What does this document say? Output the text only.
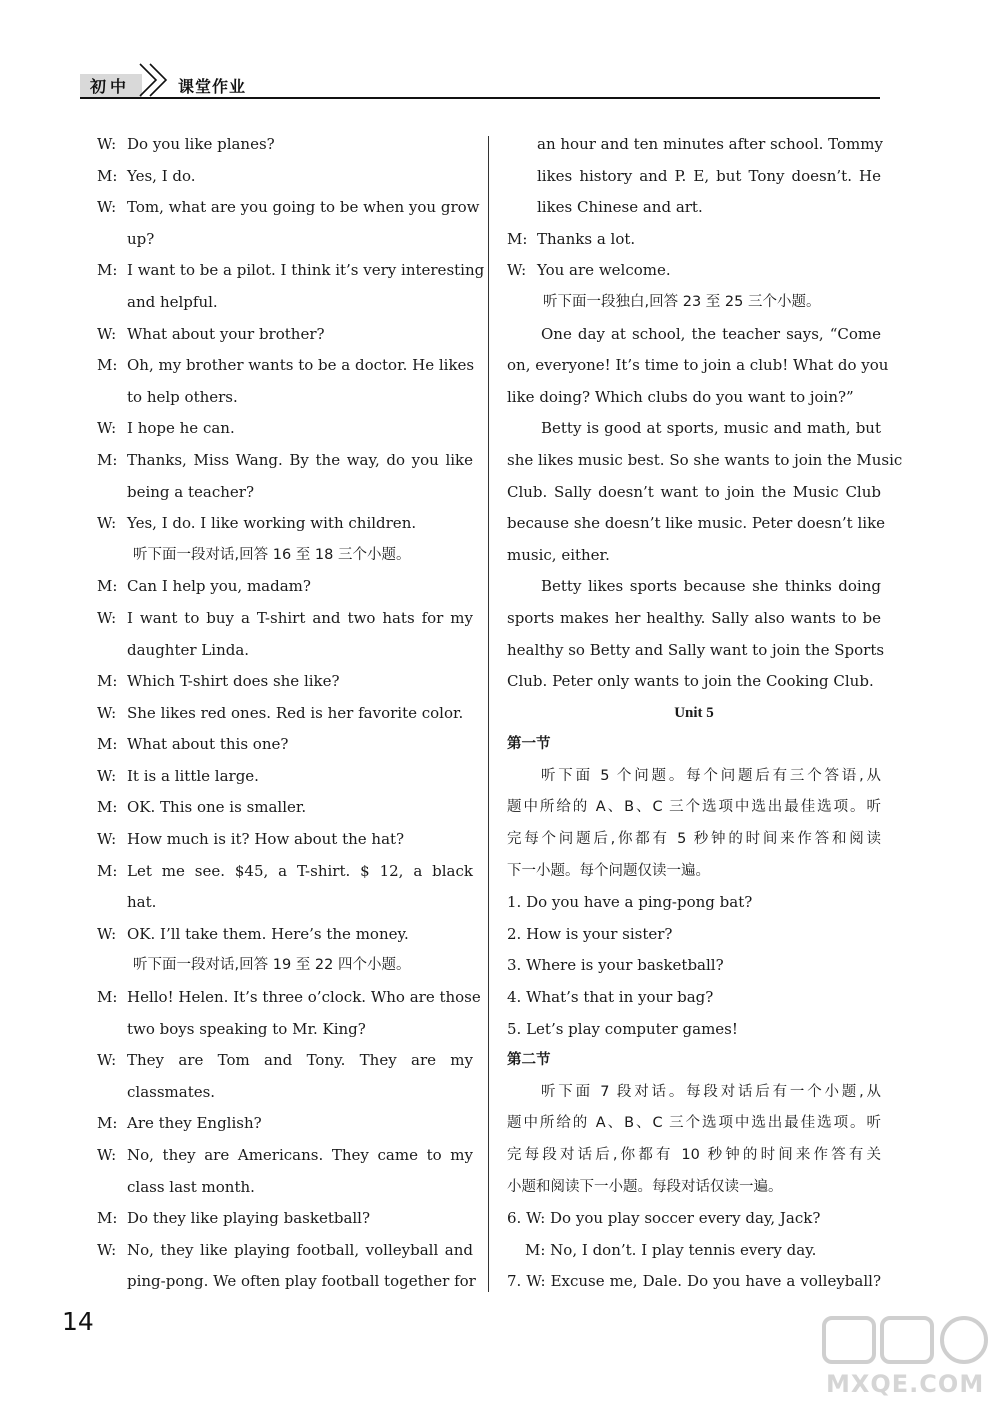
初中	课堂作业
W: Do you like planes?
M: Yes, I do.
W: Tom, what are you going to be when you grow
up?
M: I want to be a pilot. I think it’s very interesting
and helpful.
W: What about your brother?
M: Oh, my brother wants to be a doctor. He likes
to help others.
W: I hope he can.
M: Thanks, Miss Wang. By the way, do you like
being a teacher?
W: Yes, I do. I like working with children.
听下面一段对话,回答 16 至 18 三个小题。
M: Can I help you, madam?
W: I want to buy a T-shirt and two hats for my
daughter Linda.
M: Which T-shirt does she like?
W: She likes red ones. Red is her favorite color.
M: What about this one?
W: It is a little large.
M: OK. This one is smaller.
W: How much is it? How about the hat?
M: Let me see. $45, a T-shirt. $ 12, a black
hat.
W: OK. I’ll take them. Here’s the money.
听下面一段对话,回答 19 至 22 四个小题。
M: Hello! Helen. It’s three o’clock. Who are those
two boys speaking to Mr. King?
W: They are Tom and Tony. They are my
classmates.
M: Are they English?
W: No, they are Americans. They came to my
class last month.
M: Do they like playing basketball?
W: No, they like playing football, volleyball and
ping-pong. We often play football together for
an hour and ten minutes after school. Tommy
likes history and P. E, but Tony doesn’t. He
likes Chinese and art.
M: Thanks a lot.
W: You are welcome.
听下面一段独白,回答 23 至 25 三个小题。
One day at school, the teacher says, “Come
on, everyone! It’s time to join a club! What do you
like doing? Which clubs do you want to join?”
Betty is good at sports, music and math, but
she likes music best. So she wants to join the Music
Club. Sally doesn’t want to join the Music Club
because she doesn’t like music. Peter doesn’t like
music, either.
Betty likes sports because she thinks doing
sports makes her healthy. Sally also wants to be
healthy so Betty and Sally want to join the Sports
Club. Peter only wants to join the Cooking Club.
Unit 5
第一节
听下面 5 个问题。每个问题后有三个答语,从
题中所给的 A、B、C 三个选项中选出最佳选项。听
完每个问题后,你都有 5 秒钟的时间来作答和阅读
下一小题。每个问题仅读一遍。
1. Do you have a ping-pong bat?
2. How is your sister?
3. Where is your basketball?
4. What’s that in your bag?
5. Let’s play computer games!
第二节
听下面 7 段对话。每段对话后有一个小题,从
题中所给的 A、B、C 三个选项中选出最佳选项。听
完每段对话后,你都有 10 秒钟的时间来作答有关
小题和阅读下一小题。每段对话仅读一遍。
6. W: Do you play soccer every day, Jack?
M: No, I don’t. I play tennis every day.
7. W: Excuse me, Dale. Do you have a volleyball?
14
MXQE.COM
